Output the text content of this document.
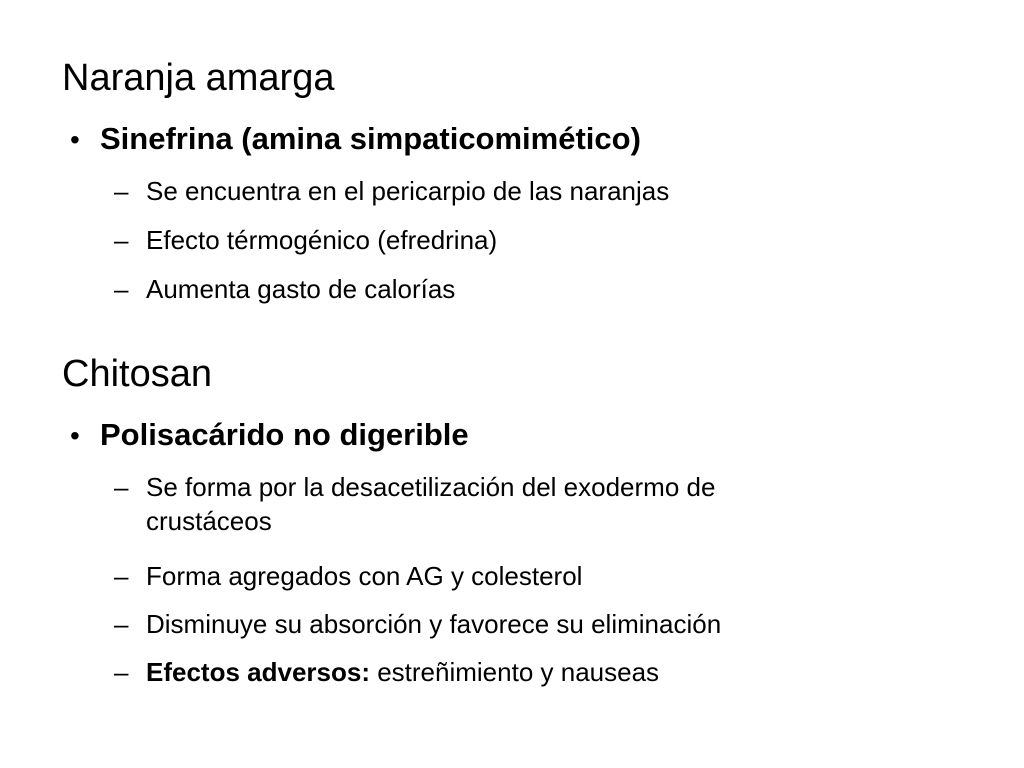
Naranja amarga
• Sinefrina (amina simpaticomimético)
– Se encuentra en el pericarpio de las naranjas
– Efecto térmogénico (efredrina)
– Aumenta gasto de calorías
Chitosan
• Polisacárido no digerible
– Se forma por la desacetilización del exodermo de
crustáceos
– Forma agregados con AG y colesterol
– Disminuye su absorción y favorece su eliminación
– Efectos adversos: estreñimiento y nauseas
